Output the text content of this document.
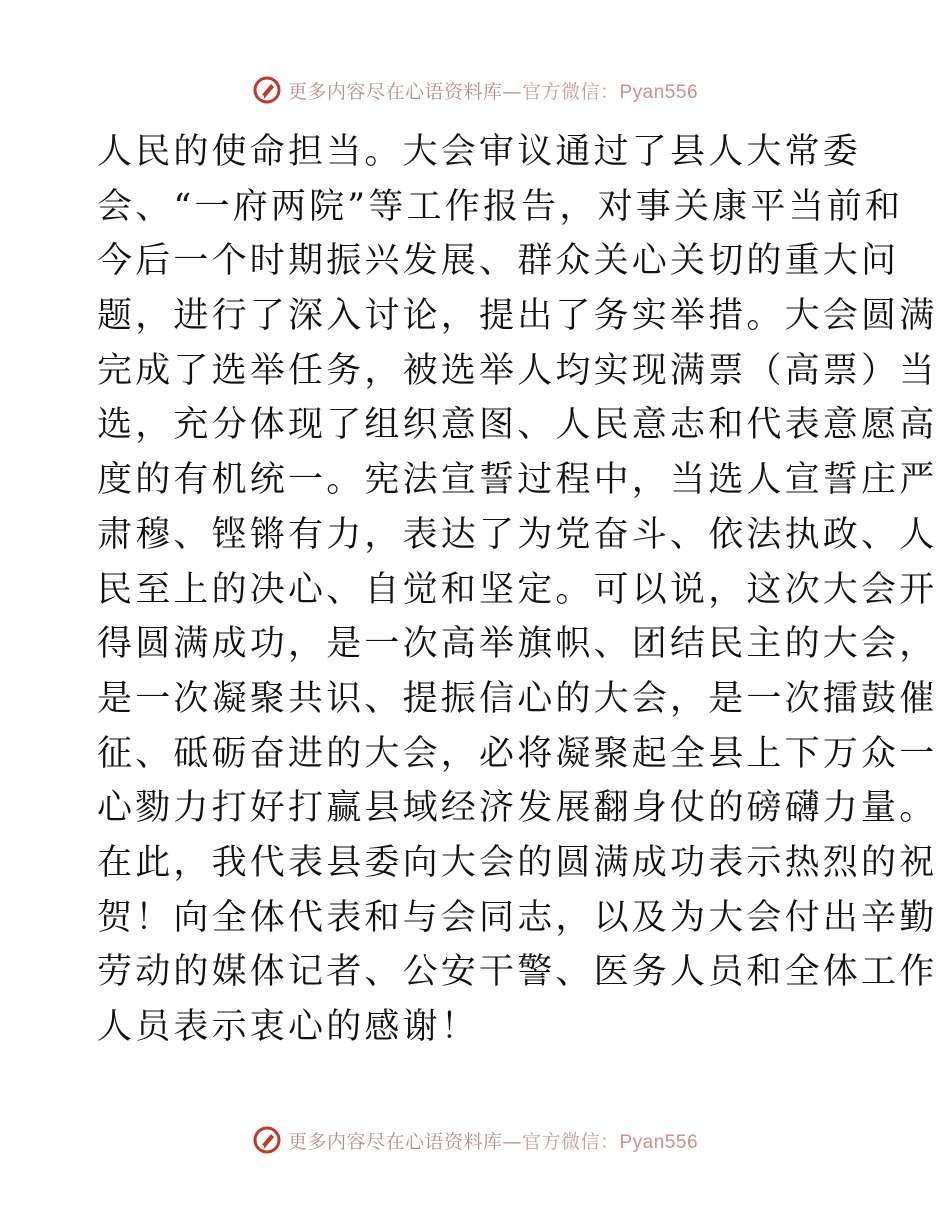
更多内容尽在心语资料库—官方微信：Pyan556
人民的使命担当。大会审议通过了县人大常委
会、“一府两院”等工作报告，对事关康平当前和
今后一个时期振兴发展、群众关心关切的重大问
题，进行了深入讨论，提出了务实举措。大会圆满
完成了选举任务，被选举人均实现满票（高票）当
选，充分体现了组织意图、人民意志和代表意愿高
度的有机统一。宪法宣誓过程中，当选人宣誓庄严
肃穆、铿锵有力，表达了为党奋斗、依法执政、人
民至上的决心、自觉和坚定。可以说，这次大会开
得圆满成功，是一次高举旗帜、团结民主的大会，
是一次凝聚共识、提振信心的大会，是一次擂鼓催
征、砥砺奋进的大会，必将凝聚起全县上下万众一
心勠力打好打赢县域经济发展翻身仗的磅礴力量。
在此，我代表县委向大会的圆满成功表示热烈的祝
贺！向全体代表和与会同志，以及为大会付出辛勤
劳动的媒体记者、公安干警、医务人员和全体工作
人员表示衷心的感谢！
更多内容尽在心语资料库—官方微信：Pyan556
